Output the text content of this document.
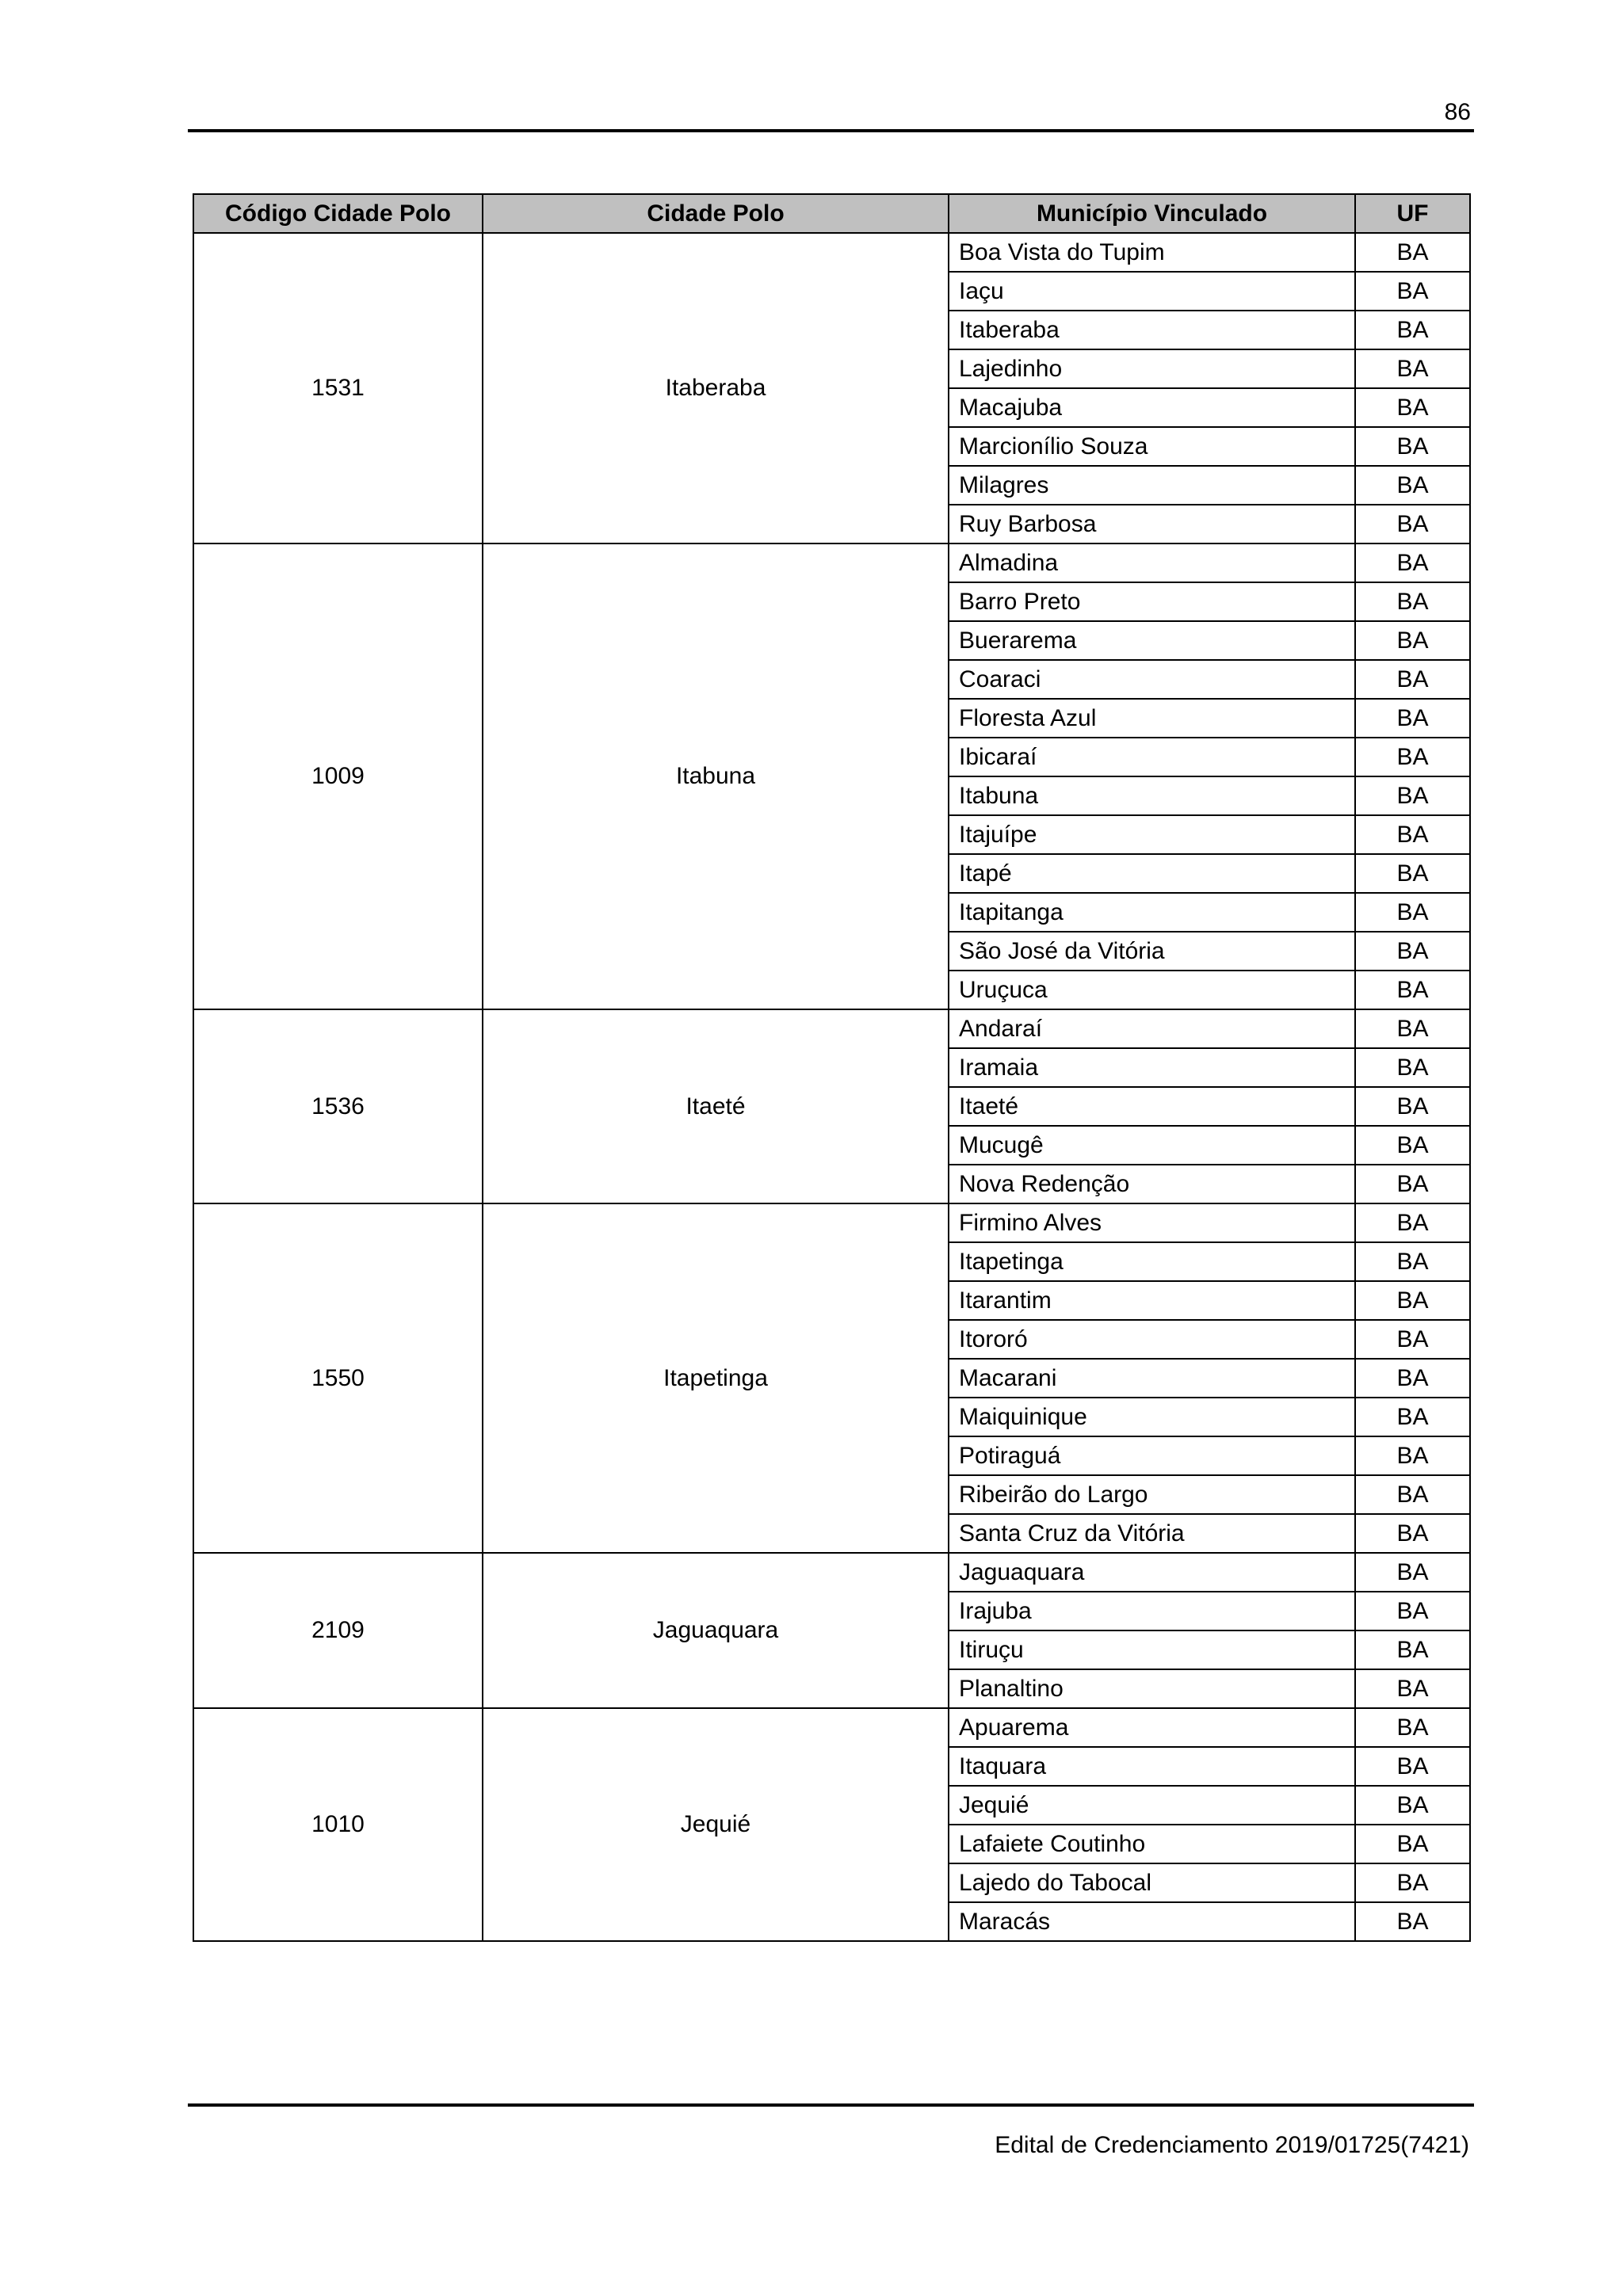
86
Código Cidade Polo	Cidade Polo	Município Vinculado	UF
1531	Itaberaba	Boa Vista do Tupim	BA
		Iaçu	BA
		Itaberaba	BA
		Lajedinho	BA
		Macajuba	BA
		Marcionílio Souza	BA
		Milagres	BA
		Ruy Barbosa	BA
1009	Itabuna	Almadina	BA
		Barro Preto	BA
		Buerarema	BA
		Coaraci	BA
		Floresta Azul	BA
		Ibicaraí	BA
		Itabuna	BA
		Itajuípe	BA
		Itapé	BA
		Itapitanga	BA
		São José da Vitória	BA
		Uruçuca	BA
1536	Itaeté	Andaraí	BA
		Iramaia	BA
		Itaeté	BA
		Mucugê	BA
		Nova Redenção	BA
1550	Itapetinga	Firmino Alves	BA
		Itapetinga	BA
		Itarantim	BA
		Itororó	BA
		Macarani	BA
		Maiquinique	BA
		Potiraguá	BA
		Ribeirão do Largo	BA
		Santa Cruz da Vitória	BA
2109	Jaguaquara	Jaguaquara	BA
		Irajuba	BA
		Itiruçu	BA
		Planaltino	BA
1010	Jequié	Apuarema	BA
		Itaquara	BA
		Jequié	BA
		Lafaiete Coutinho	BA
		Lajedo do Tabocal	BA
		Maracás	BA
Edital de Credenciamento 2019/01725(7421)
